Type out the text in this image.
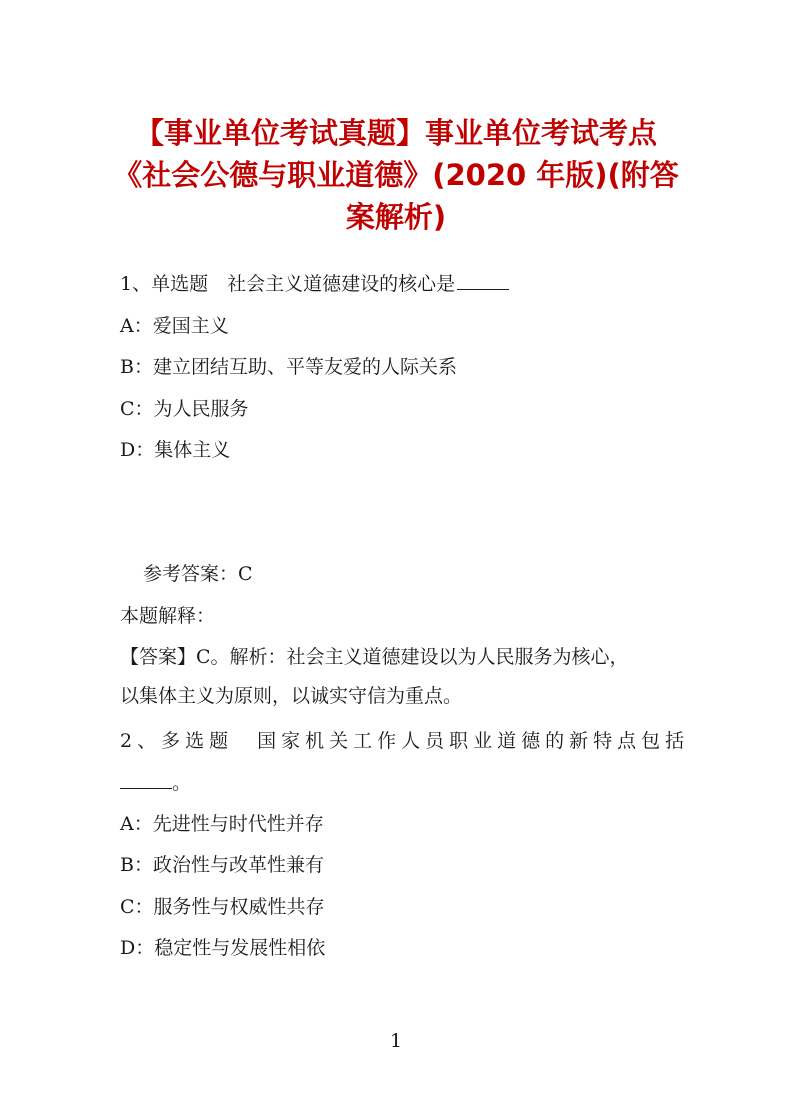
【事业单位考试真题】事业单位考试考点
《社会公德与职业道德》(2020 年版)(附答
案解析)
1、单选题　社会主义道德建设的核心是
A：爱国主义
B：建立团结互助、平等友爱的人际关系
C：为人民服务
D：集体主义
参考答案：C
本题解释：
【答案】C。解析：社会主义道德建设以为人民服务为核心，
以集体主义为原则，以诚实守信为重点。
2、多选题　国家机关工作人员职业道德的新特点包括
。
A：先进性与时代性并存
B：政治性与改革性兼有
C：服务性与权威性共存
D：稳定性与发展性相依
1
